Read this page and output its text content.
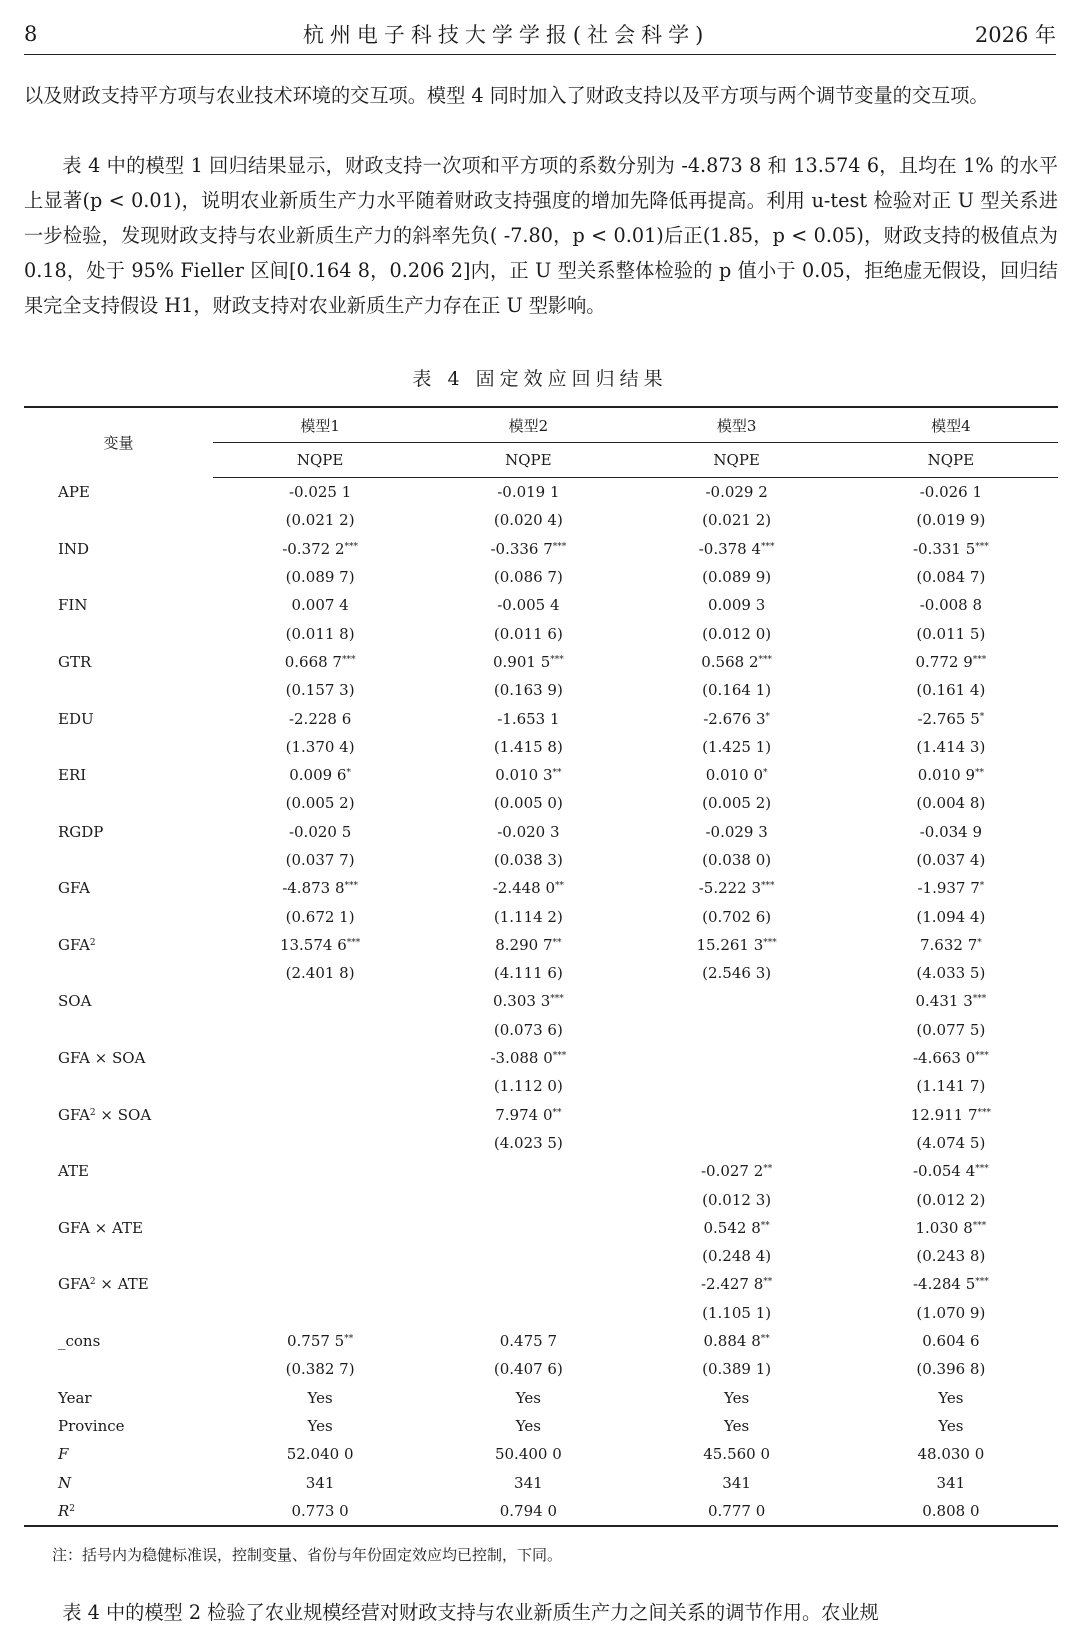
8	杭州电子科技大学学报(社会科学)	2026 年

以及财政支持平方项与农业技术环境的交互项。模型 4 同时加入了财政支持以及平方项与两个调节变量的交互项。

表 4 中的模型 1 回归结果显示，财政支持一次项和平方项的系数分别为 -4.873 8 和 13.574 6，且均在 1% 的水平上显著(p < 0.01)，说明农业新质生产力水平随着财政支持强度的增加先降低再提高。利用 u-test 检验对正 U 型关系进一步检验，发现财政支持与农业新质生产力的斜率先负( -7.80，p < 0.01)后正(1.85，p < 0.05)，财政支持的极值点为 0.18，处于 95% Fieller 区间[0.164 8，0.206 2]内，正 U 型关系整体检验的 p 值小于 0.05，拒绝虚无假设，回归结果完全支持假设 H1，财政支持对农业新质生产力存在正 U 型影响。

表 4 固定效应回归结果
变量	模型1	模型2	模型3	模型4
	NQPE	NQPE	NQPE	NQPE
APE	-0.025 1	-0.019 1	-0.029 2	-0.026 1
	(0.021 2)	(0.020 4)	(0.021 2)	(0.019 9)
IND	-0.372 2***	-0.336 7***	-0.378 4***	-0.331 5***
	(0.089 7)	(0.086 7)	(0.089 9)	(0.084 7)
FIN	0.007 4	-0.005 4	0.009 3	-0.008 8
	(0.011 8)	(0.011 6)	(0.012 0)	(0.011 5)
GTR	0.668 7***	0.901 5***	0.568 2***	0.772 9***
	(0.157 3)	(0.163 9)	(0.164 1)	(0.161 4)
EDU	-2.228 6	-1.653 1	-2.676 3*	-2.765 5*
	(1.370 4)	(1.415 8)	(1.425 1)	(1.414 3)
ERI	0.009 6*	0.010 3**	0.010 0*	0.010 9**
	(0.005 2)	(0.005 0)	(0.005 2)	(0.004 8)
RGDP	-0.020 5	-0.020 3	-0.029 3	-0.034 9
	(0.037 7)	(0.038 3)	(0.038 0)	(0.037 4)
GFA	-4.873 8***	-2.448 0**	-5.222 3***	-1.937 7*
	(0.672 1)	(1.114 2)	(0.702 6)	(1.094 4)
GFA$^2$	13.574 6***	8.290 7**	15.261 3***	7.632 7*
	(2.401 8)	(4.111 6)	(2.546 3)	(4.033 5)
SOA		0.303 3***		0.431 3***
		(0.073 6)		(0.077 5)
GFA × SOA		-3.088 0***		-4.663 0***
		(1.112 0)		(1.141 7)
$GFA^2$ × SOA		7.974 0**		12.911 7***
		(4.023 5)		(4.074 5)
ATE			-0.027 2**	-0.054 4***
			(0.012 3)	(0.012 2)
GFA × ATE			0.542 8**	1.030 8***
			(0.248 4)	(0.243 8)
$GFA^2$ × ATE			-2.427 8**	-4.284 5***
			(1.105 1)	(1.070 9)
_cons	0.757 5**	0.475 7	0.884 8**	0.604 6
	(0.382 7)	(0.407 6)	(0.389 1)	(0.396 8)
Year	Yes	Yes	Yes	Yes
Province	Yes	Yes	Yes	Yes
F	52.040 0	50.400 0	45.560 0	48.030 0
N	341	341	341	341
$R^2$	0.773 0	0.794 0	0.777 0	0.808 0
注：括号内为稳健标准误，控制变量、省份与年份固定效应均已控制，下同。

表 4 中的模型 2 检验了农业规模经营对财政支持与农业新质生产力之间关系的调节作用。农业规
